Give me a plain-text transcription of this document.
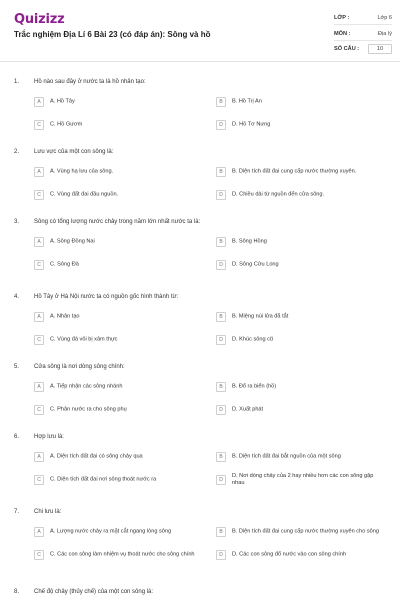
Quizizz
Trắc nghiệm Địa Lí 6 Bài 23 (có đáp án): Sông và hồ
LỚP :	Lớp 6
MÔN :	Địa lý
SỐ CÂU :	10
1. Hồ nào sau đây ở nước ta là hồ nhân tạo:
A	A. Hồ Tây	B	B. Hồ Trị An
C	C. Hồ Gươm	D	D. Hồ Tơ Nưng
2. Lưu vực của một con sông là:
A	A. Vùng hạ lưu của sông.	B	B. Diện tích đất đai cung cấp nước thường xuyên.
C	C. Vùng đất đai đầu nguồn.	D	D. Chiều dài từ nguồn đến cửa sông.
3. Sông có tổng lượng nước chảy trong năm lớn nhất nước ta là:
A	A. Sông Đồng Nai	B	B. Sông Hồng
C	C. Sông Đà	D	D. Sông Cửu Long
4. Hồ Tây ở Hà Nội nước ta có nguồn gốc hình thành từ:
A	A. Nhân tạo	B	B. Miệng núi lửa đã tắt
C	C. Vùng đá vôi bị xâm thực	D	D. Khúc sông cũ
5. Cửa sông là nơi dòng sông chính:
A	A. Tiếp nhận các sông nhánh	B	B. Đổ ra biển (hồ)
C	C. Phân nước ra cho sông phụ	D	D. Xuất phát
6. Hợp lưu là:
A	A. Diện tích đất đai có sông chảy qua	B	B. Diện tích đất đai bắt nguồn của một sông
C	C. Diện tích đất đai nơi sông thoát nước ra	D
D. Nơi dòng chảy của 2 hay nhiều hơn các con sông gặp nhau
7. Chi lưu là:
A	A. Lượng nước chảy ra mặt cắt ngang lòng sông	B	B. Diện tích đất đai cung cấp nước thường xuyên cho sông
C	C. Các con sông làm nhiệm vụ thoát nước cho sông chính	D	D. Các con sông đổ nước vào con sông chính
8. Chế độ chảy (thủy chế) của một con sông là:
